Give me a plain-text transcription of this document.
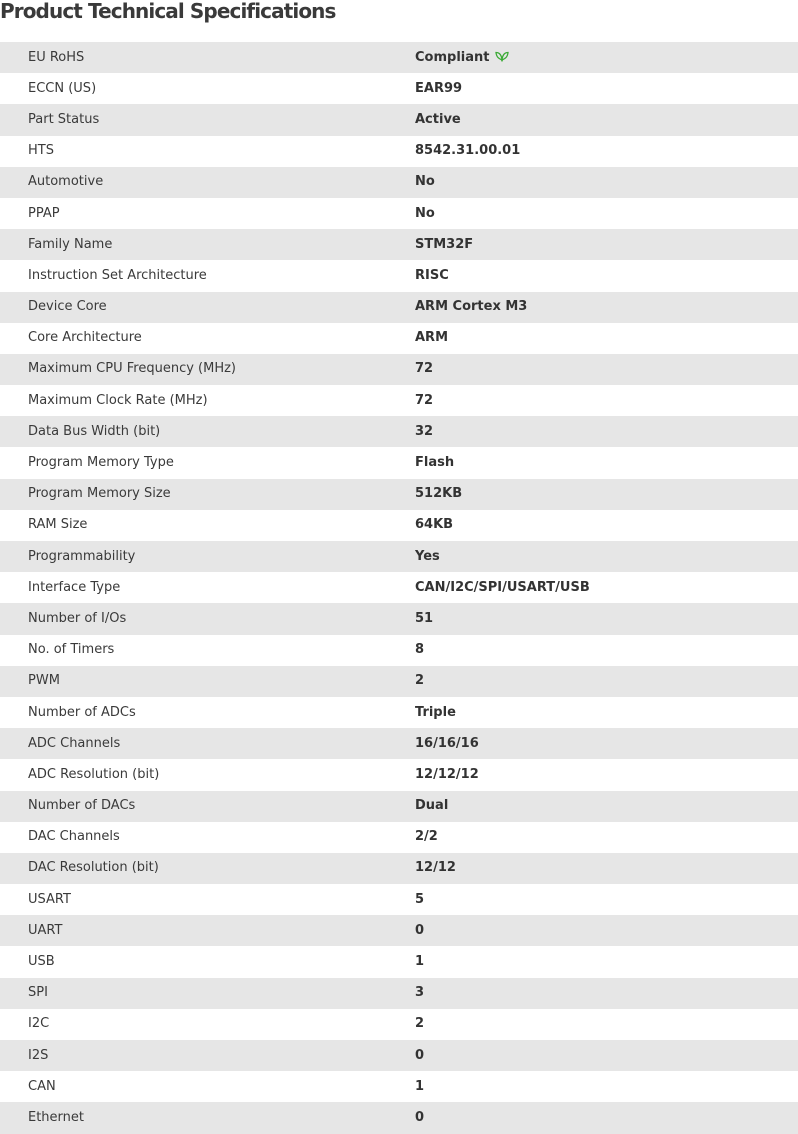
Product Technical Specifications
EU RoHS	Compliant
ECCN (US)	EAR99
Part Status	Active
HTS	8542.31.00.01
Automotive	No
PPAP	No
Family Name	STM32F
Instruction Set Architecture	RISC
Device Core	ARM Cortex M3
Core Architecture	ARM
Maximum CPU Frequency (MHz)	72
Maximum Clock Rate (MHz)	72
Data Bus Width (bit)	32
Program Memory Type	Flash
Program Memory Size	512KB
RAM Size	64KB
Programmability	Yes
Interface Type	CAN/I2C/SPI/USART/USB
Number of I/Os	51
No. of Timers	8
PWM	2
Number of ADCs	Triple
ADC Channels	16/16/16
ADC Resolution (bit)	12/12/12
Number of DACs	Dual
DAC Channels	2/2
DAC Resolution (bit)	12/12
USART	5
UART	0
USB	1
SPI	3
I2C	2
I2S	0
CAN	1
Ethernet	0
